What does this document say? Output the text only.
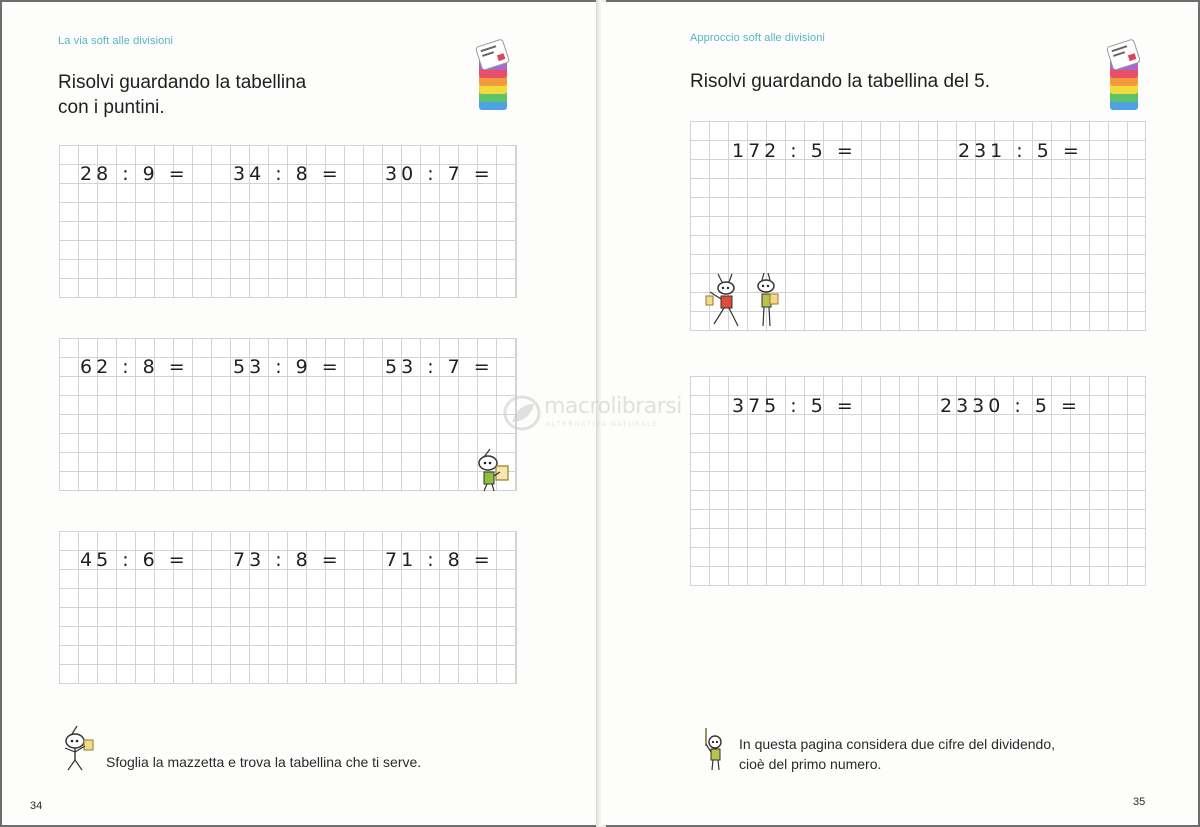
La via soft alle divisioni
Risolvi guardando la tabellina
con i puntini.
28 : 9 = 34 : 8 = 30 : 7 =
62 : 8 = 53 : 9 = 53 : 7 =
45 : 6 = 73 : 8 = 71 : 8 =
Sfoglia la mazzetta e trova la tabellina che ti serve.
34
Approccio soft alle divisioni
Risolvi guardando la tabellina del 5.
172 : 5 =	231 : 5 =
375 : 5 =	2330 : 5 =
In questa pagina considera due cifre del dividendo,
cioè del primo numero.
35
macrolibrarsi
ALTERNATIVA NATURALE
